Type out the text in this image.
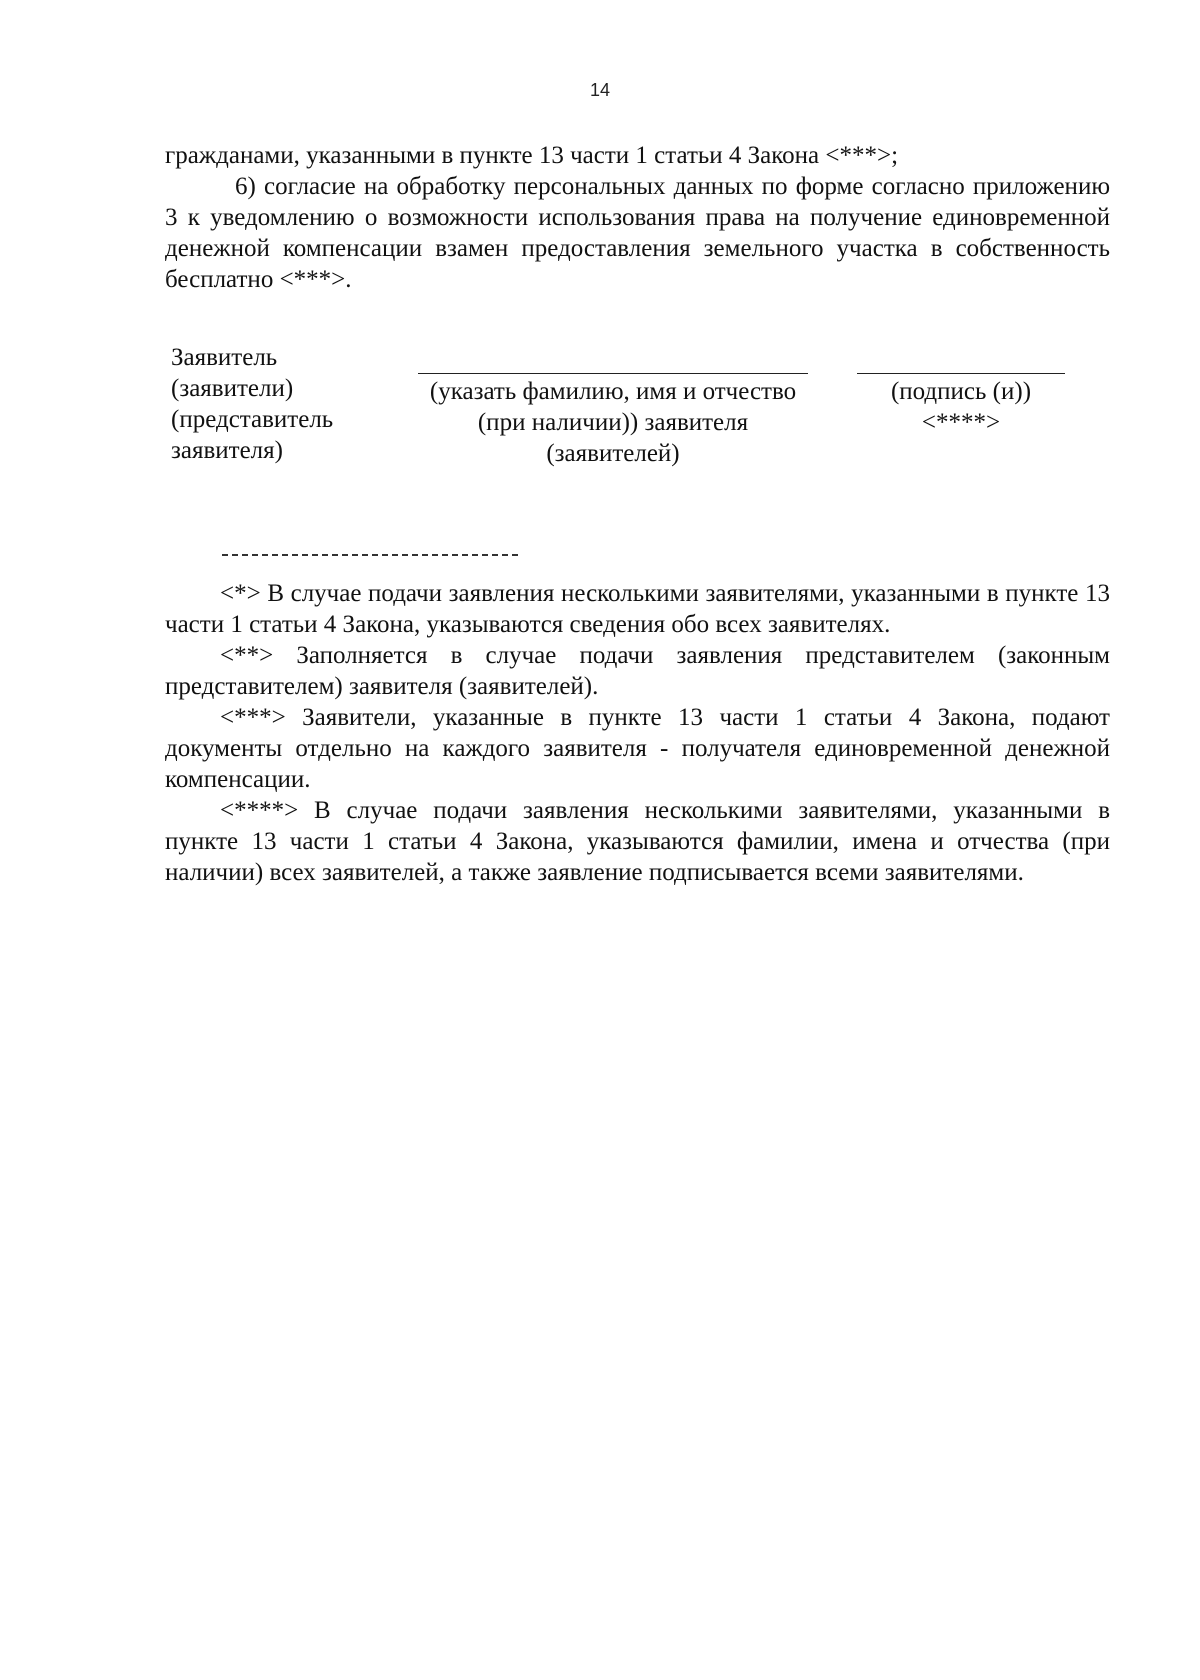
14

гражданами, указанными в пункте 13 части 1 статьи 4 Закона <***>;

6) согласие на обработку персональных данных по форме согласно приложению 3 к уведомлению о возможности использования права на получение единовременной денежной компенсации взамен предоставления земельного участка в собственность бесплатно <***>.

Заявитель
(заявители)
(представитель
заявителя)
(указать фамилию, имя и отчество (при наличии)) заявителя (заявителей)
(подпись (и))
<****>

<*> В случае подачи заявления несколькими заявителями, указанными в пункте 13 части 1 статьи 4 Закона, указываются сведения обо всех заявителях.

<**> Заполняется в случае подачи заявления представителем (законным представителем) заявителя (заявителей).

<***> Заявители, указанные в пункте 13 части 1 статьи 4 Закона, подают документы отдельно на каждого заявителя - получателя единовременной денежной компенсации.

<****> В случае подачи заявления несколькими заявителями, указанными в пункте 13 части 1 статьи 4 Закона, указываются фамилии, имена и отчества (при наличии) всех заявителей, а также заявление подписывается всеми заявителями.
